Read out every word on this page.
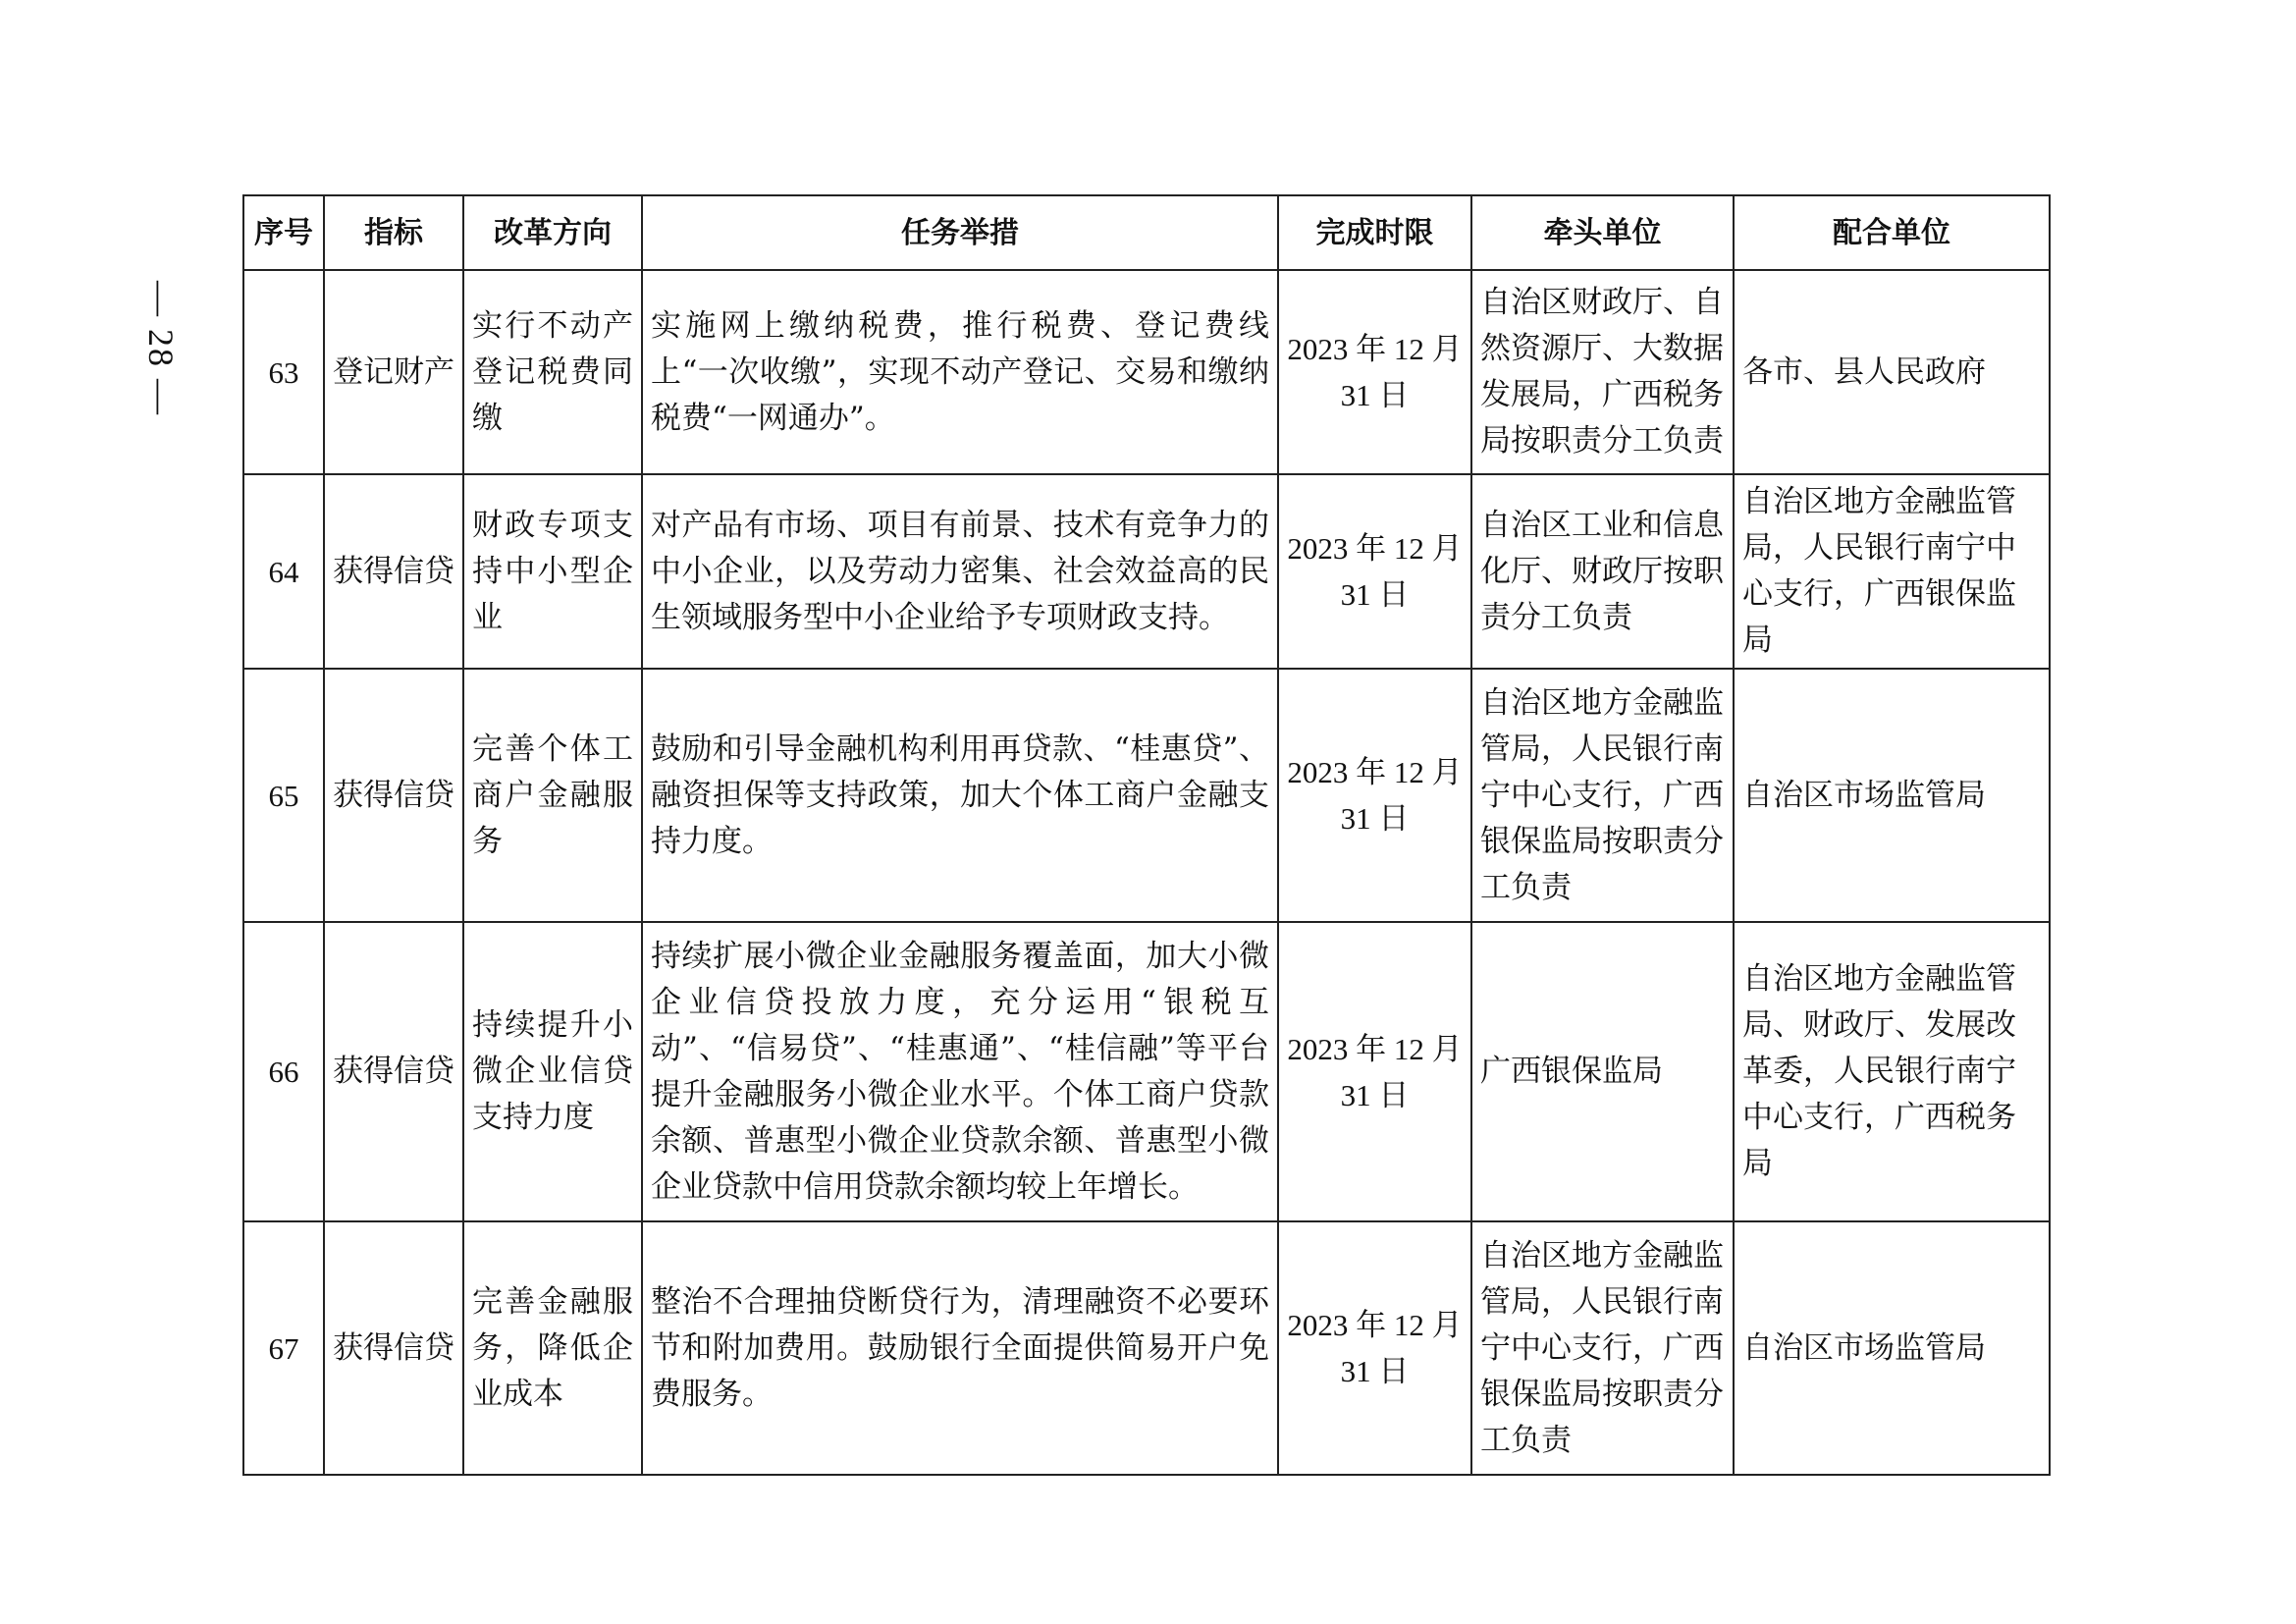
— 28 —
序号	指标	改革方向	任务举措	完成时限	牵头单位	配合单位
63	登记财产	实行不动产登记税费同缴	实施网上缴纳税费，推行税费、登记费线上“一次收缴”，实现不动产登记、交易和缴纳税费“一网通办”。	2023 年 12 月 31 日	自治区财政厅、自然资源厅、大数据发展局，广西税务局按职责分工负责	各市、县人民政府
64	获得信贷	财政专项支持中小型企业	对产品有市场、项目有前景、技术有竞争力的中小企业，以及劳动力密集、社会效益高的民生领域服务型中小企业给予专项财政支持。	2023 年 12 月 31 日	自治区工业和信息化厅、财政厅按职责分工负责	自治区地方金融监管局，人民银行南宁中心支行，广西银保监局
65	获得信贷	完善个体工商户金融服务	鼓励和引导金融机构利用再贷款、“桂惠贷”、融资担保等支持政策，加大个体工商户金融支持力度。	2023 年 12 月 31 日	自治区地方金融监管局，人民银行南宁中心支行，广西银保监局按职责分工负责	自治区市场监管局
66	获得信贷	持续提升小微企业信贷支持力度	持续扩展小微企业金融服务覆盖面，加大小微企业信贷投放力度，充分运用“银税互动”、“信易贷”、“桂惠通”、“桂信融”等平台提升金融服务小微企业水平。个体工商户贷款余额、普惠型小微企业贷款余额、普惠型小微企业贷款中信用贷款余额均较上年增长。	2023 年 12 月 31 日	广西银保监局	自治区地方金融监管局、财政厅、发展改革委，人民银行南宁中心支行，广西税务局
67	获得信贷	完善金融服务，降低企业成本	整治不合理抽贷断贷行为，清理融资不必要环节和附加费用。鼓励银行全面提供简易开户免费服务。	2023 年 12 月 31 日	自治区地方金融监管局，人民银行南宁中心支行，广西银保监局按职责分工负责	自治区市场监管局
